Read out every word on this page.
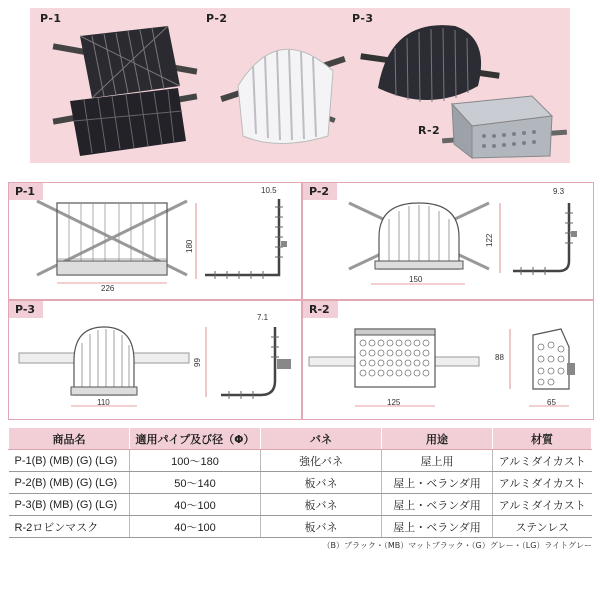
P-1	P-2	P-3
R-2
P-1
226
180
10.5	P-2
150
122
9.3
P-3
110
99
7.1
R-2
125
88
65
商品名	適用パイプ及び径（Φ）	バネ	用途	材質
P-1(B) (MB) (G) (LG)	100～180	強化バネ	屋上用	アルミダイカスト
P-2(B) (MB) (G) (LG)	50～140	板バネ	屋上・ベランダ用	アルミダイカスト
P-3(B) (MB) (G) (LG)	40～100	板バネ	屋上・ベランダ用	アルミダイカスト
R-2ロビンマスク	40～100	板バネ	屋上・ベランダ用	ステンレス
（B）ブラック・（MB）マットブラック・（G）グレー・（LG）ライトグレー
